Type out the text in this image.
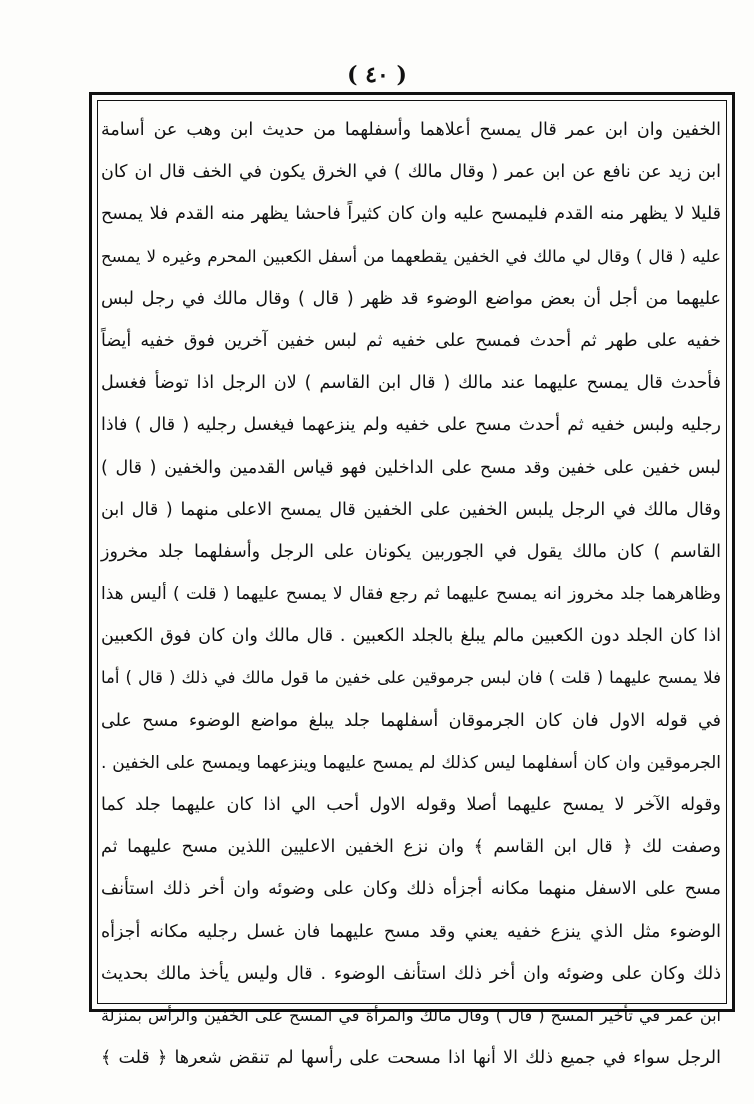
( ٤٠ )
الخفين وان ابن عمر قال يمسح أعلاهما وأسفلهما من حديث ابن وهب عن أسامة
ابن زيد عن نافع عن ابن عمر ( وقال مالك ) في الخرق يكون في الخف قال ان كان
قليلا لا يظهر منه القدم فليمسح عليه وان كان كثيراً فاحشا يظهر منه القدم فلا يمسح
عليه ( قال ) وقال لي مالك في الخفين يقطعهما من أسفل الكعبين المحرم وغيره لا يمسح
عليهما من أجل أن بعض مواضع الوضوء قد ظهر ( قال ) وقال مالك في رجل لبس
خفيه على طهر ثم أحدث فمسح على خفيه ثم لبس خفين آخرين فوق خفيه أيضاً
فأحدث قال يمسح عليهما عند مالك ( قال ابن القاسم ) لان الرجل اذا توضأ فغسل
رجليه ولبس خفيه ثم أحدث مسح على خفيه ولم ينزعهما فيغسل رجليه ( قال ) فاذا
لبس خفين على خفين وقد مسح على الداخلين فهو قياس القدمين والخفين ( قال )
وقال مالك في الرجل يلبس الخفين على الخفين قال يمسح الاعلى منهما ( قال ابن
القاسم ) كان مالك يقول في الجوربين يكونان على الرجل وأسفلهما جلد مخروز
وظاهرهما جلد مخروز انه يمسح عليهما ثم رجع فقال لا يمسح عليهما ( قلت ) أليس هذا
اذا كان الجلد دون الكعبين مالم يبلغ بالجلد الكعبين . قال مالك وان كان فوق الكعبين
فلا يمسح عليهما ( قلت ) فان لبس جرموقين على خفين ما قول مالك في ذلك ( قال ) أما
في قوله الاول فان كان الجرموقان أسفلهما جلد يبلغ مواضع الوضوء مسح على
الجرموقين وان كان أسفلهما ليس كذلك لم يمسح عليهما وينزعهما ويمسح على الخفين .
وقوله الآخر لا يمسح عليهما أصلا وقوله الاول أحب الي اذا كان عليهما جلد كما
وصفت لك ﴿ قال ابن القاسم ﴾ وان نزع الخفين الاعليين اللذين مسح عليهما ثم
مسح على الاسفل منهما مكانه أجزأه ذلك وكان على وضوئه وان أخر ذلك استأنف
الوضوء مثل الذي ينزع خفيه يعني وقد مسح عليهما فان غسل رجليه مكانه أجزأه
ذلك وكان على وضوئه وان أخر ذلك استأنف الوضوء . قال وليس يأخذ مالك بحديث
ابن عمر في تأخير المسح ( قال ) وقال مالك والمرأة في المسح على الخفين والرأس بمنزلة
الرجل سواء في جميع ذلك الا أنها اذا مسحت على رأسها لم تنقض شعرها ﴿ قلت ﴾
